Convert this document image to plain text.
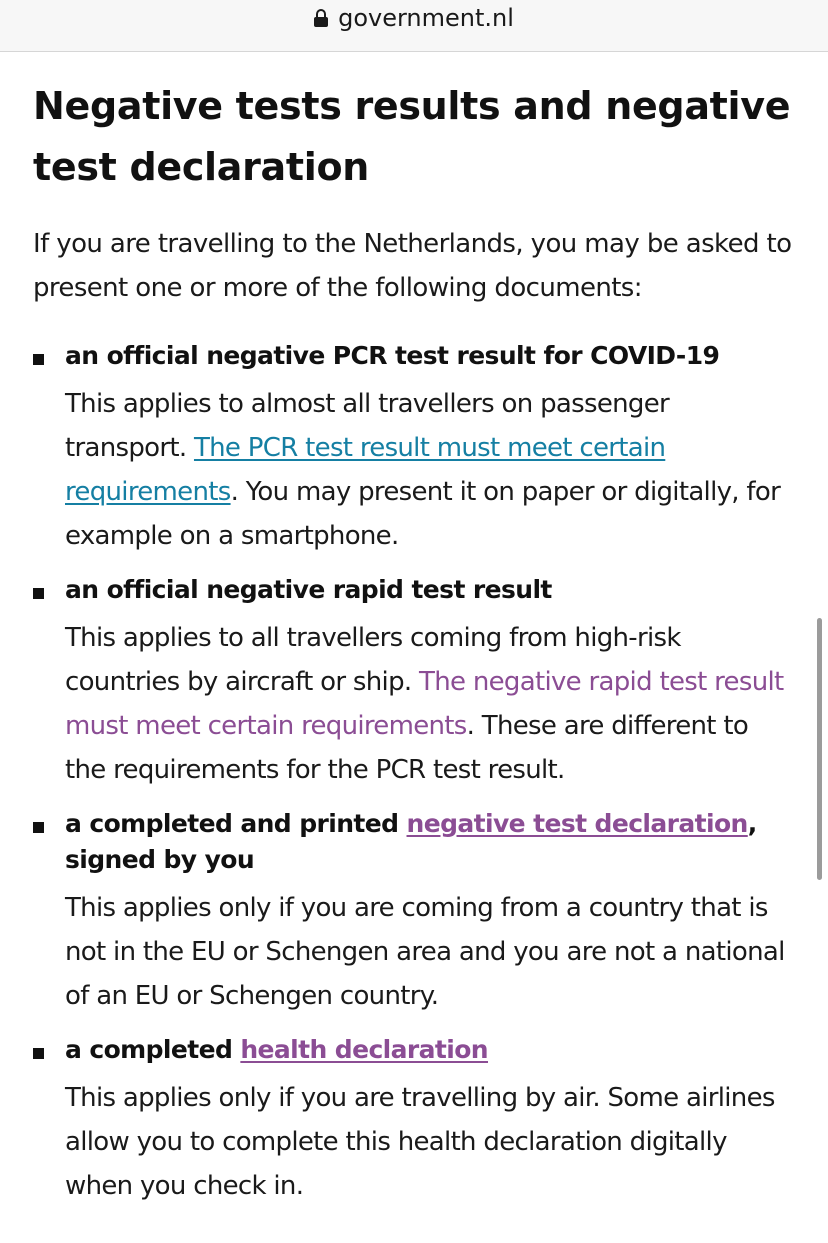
government.nl
Negative tests results and negative test declaration

If you are travelling to the Netherlands, you may be asked to present one or more of the following documents:

an official negative PCR test result for COVID-19
This applies to almost all travellers on passenger transport. The PCR test result must meet certain requirements. You may present it on paper or digitally, for example on a smartphone.
an official negative rapid test result
This applies to all travellers coming from high-risk countries by aircraft or ship. The negative rapid test result must meet certain requirements. These are different to the requirements for the PCR test result.
a completed and printed negative test declaration, signed by you
This applies only if you are coming from a country that is not in the EU or Schengen area and you are not a national of an EU or Schengen country.
a completed health declaration
This applies only if you are travelling by air. Some airlines allow you to complete this health declaration digitally when you check in.
